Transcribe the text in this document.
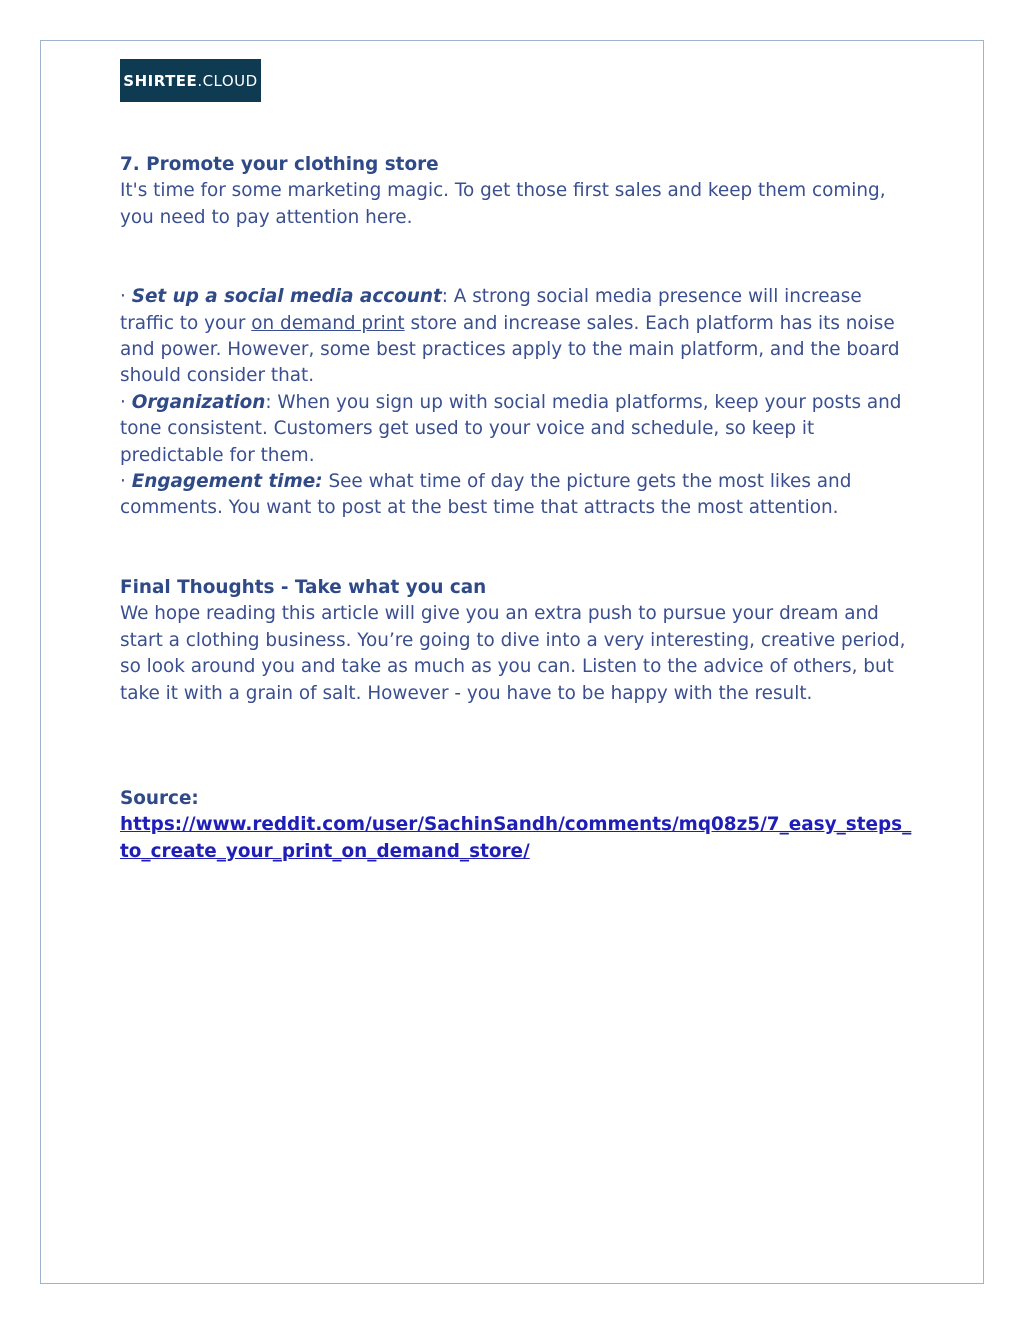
SHIRTEE .CLOUD

7. Promote your clothing store

It's time for some marketing magic. To get those first sales and keep them coming, you need to pay attention here.

· Set up a social media account: A strong social media presence will increase traffic to your on demand print store and increase sales. Each platform has its noise and power. However, some best practices apply to the main platform, and the board should consider that.

· Organization: When you sign up with social media platforms, keep your posts and tone consistent. Customers get used to your voice and schedule, so keep it predictable for them.

· Engagement time: See what time of day the picture gets the most likes and comments. You want to post at the best time that attracts the most attention.

Final Thoughts - Take what you can

We hope reading this article will give you an extra push to pursue your dream and start a clothing business. You’re going to dive into a very interesting, creative period, so look around you and take as much as you can. Listen to the advice of others, but take it with a grain of salt. However - you have to be happy with the result.

Source:

https://www.reddit.com/user/SachinSandh/comments/mq08z5/7_easy_steps_to_create_your_print_on_demand_store/
